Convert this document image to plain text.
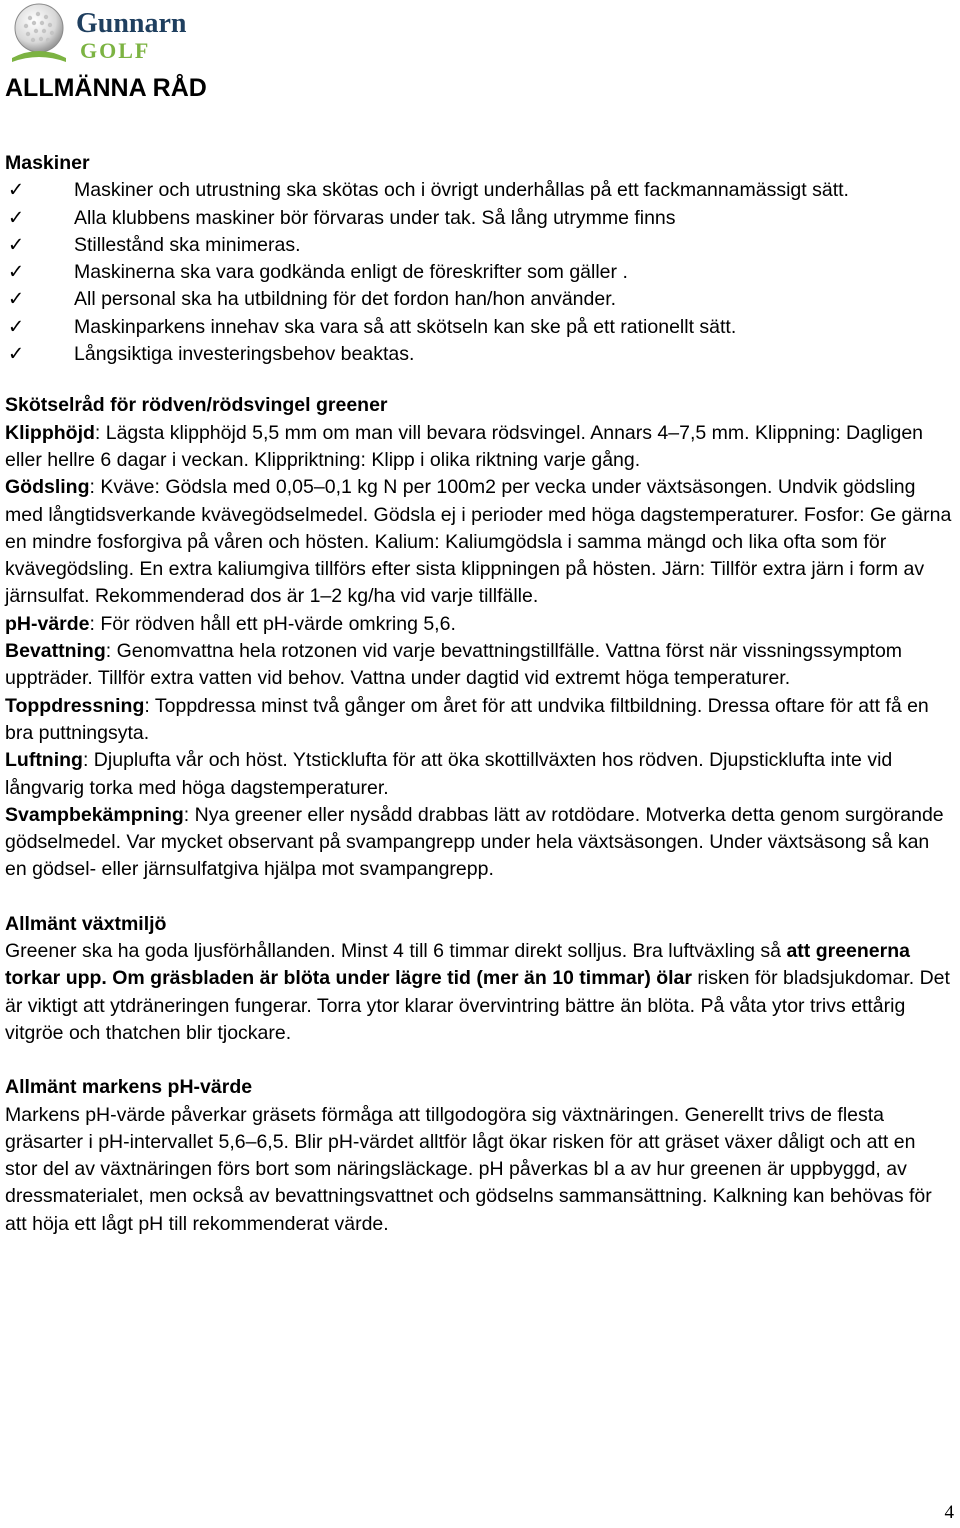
Gunnarn
GOLF
ALLMÄNNA RÅD

Maskiner

✓	Maskiner och utrustning ska skötas och i övrigt underhållas på ett fackmannamässigt sätt.
✓	Alla klubbens maskiner bör förvaras under tak. Så lång utrymme finns
✓	Stillestånd ska minimeras.
✓	Maskinerna ska vara godkända enligt de föreskrifter som gäller .
✓	All personal ska ha utbildning för det fordon han/hon använder.
✓	Maskinparkens innehav ska vara så att skötseln kan ske på ett rationellt sätt.
✓	Långsiktiga investeringsbehov beaktas.

Skötselråd för rödven/rödsvingel greener

Klipphöjd: Lägsta klipphöjd 5,5 mm om man vill bevara rödsvingel. Annars 4–7,5 mm. Klippning: Dagligen eller hellre 6 dagar i veckan. Klippriktning: Klipp i olika riktning varje gång.

Gödsling: Kväve: Gödsla med 0,05–0,1 kg N per 100m2 per vecka under växtsäsongen. Undvik gödsling med långtidsverkande kvävegödselmedel. Gödsla ej i perioder med höga dagstemperaturer. Fosfor: Ge gärna en mindre fosforgiva på våren och hösten. Kalium: Kaliumgödsla i samma mängd och lika ofta som för kvävegödsling. En extra kaliumgiva tillförs efter sista klippningen på hösten. Järn: Tillför extra järn i form av järnsulfat. Rekommenderad dos är 1–2 kg/ha vid varje tillfälle.

pH-värde: För rödven håll ett pH-värde omkring 5,6.

Bevattning: Genomvattna hela rotzonen vid varje bevattningstillfälle. Vattna först när vissningssymptom uppträder. Tillför extra vatten vid behov. Vattna under dagtid vid extremt höga temperaturer.

Toppdressning: Toppdressa minst två gånger om året för att undvika filtbildning. Dressa oftare för att få en bra puttningsyta.

Luftning: Djuplufta vår och höst. Ytsticklufta för att öka skottillväxten hos rödven. Djupsticklufta inte vid långvarig torka med höga dagstemperaturer.

Svampbekämpning: Nya greener eller nysådd drabbas lätt av rotdödare. Motverka detta genom surgörande gödselmedel. Var mycket observant på svampangrepp under hela växtsäsongen. Under växtsäsong så kan en gödsel- eller järnsulfatgiva hjälpa mot svampangrepp.

Allmänt växtmiljö

Greener ska ha goda ljusförhållanden. Minst 4 till 6 timmar direkt solljus. Bra luftväxling så att greenerna torkar upp. Om gräsbladen är blöta under lägre tid (mer än 10 timmar) ölar risken för bladsjukdomar. Det är viktigt att ytdräneringen fungerar. Torra ytor klarar övervintring bättre än blöta. På våta ytor trivs ettårig vitgröe och thatchen blir tjockare.

Allmänt markens pH-värde

Markens pH-värde påverkar gräsets förmåga att tillgodogöra sig växtnäringen. Generellt trivs de flesta gräsarter i pH-intervallet 5,6–6,5. Blir pH-värdet alltför lågt ökar risken för att gräset växer dåligt och att en stor del av växtnäringen förs bort som näringsläckage. pH påverkas bl a av hur greenen är uppbyggd, av dressmaterialet, men också av bevattningsvattnet och gödselns sammansättning. Kalkning kan behövas för att höja ett lågt pH till rekommenderat värde.

4
